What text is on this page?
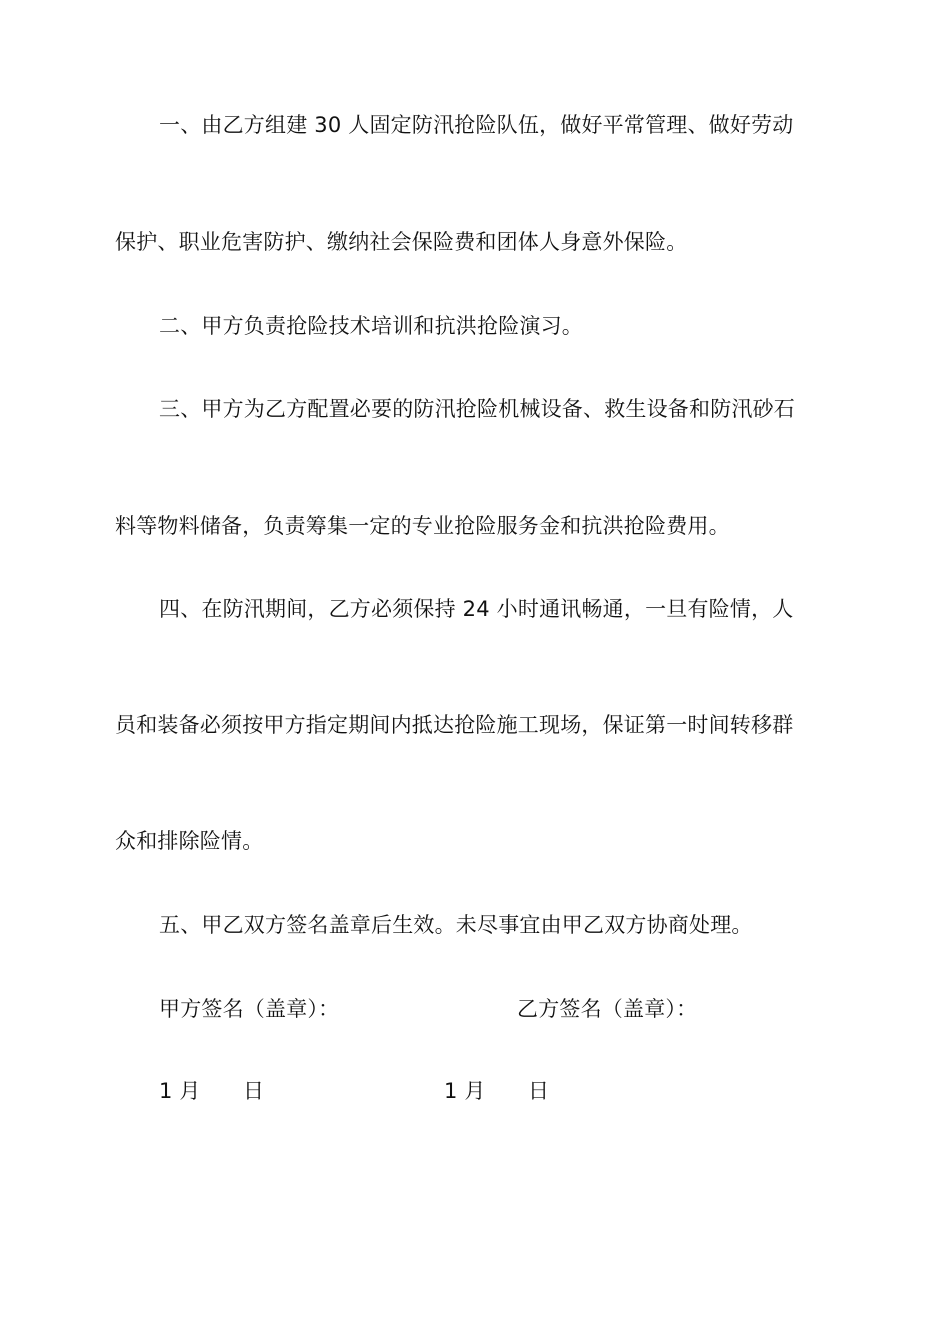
一、由乙方组建 30 人固定防汛抢险队伍，做好平常管理、做好劳动
保护、职业危害防护、缴纳社会保险费和团体人身意外保险。
二、甲方负责抢险技术培训和抗洪抢险演习。
三、甲方为乙方配置必要的防汛抢险机械设备、救生设备和防汛砂石
料等物料储备，负责筹集一定的专业抢险服务金和抗洪抢险费用。
四、在防汛期间，乙方必须保持 24 小时通讯畅通，一旦有险情，人
员和装备必须按甲方指定期间内抵达抢险施工现场，保证第一时间转移群
众和排除险情。
五、甲乙双方签名盖章后生效。未尽事宜由甲乙双方协商处理。
甲方签名（盖章）：	乙方签名（盖章）：
1 月　　日	1 月　　日
